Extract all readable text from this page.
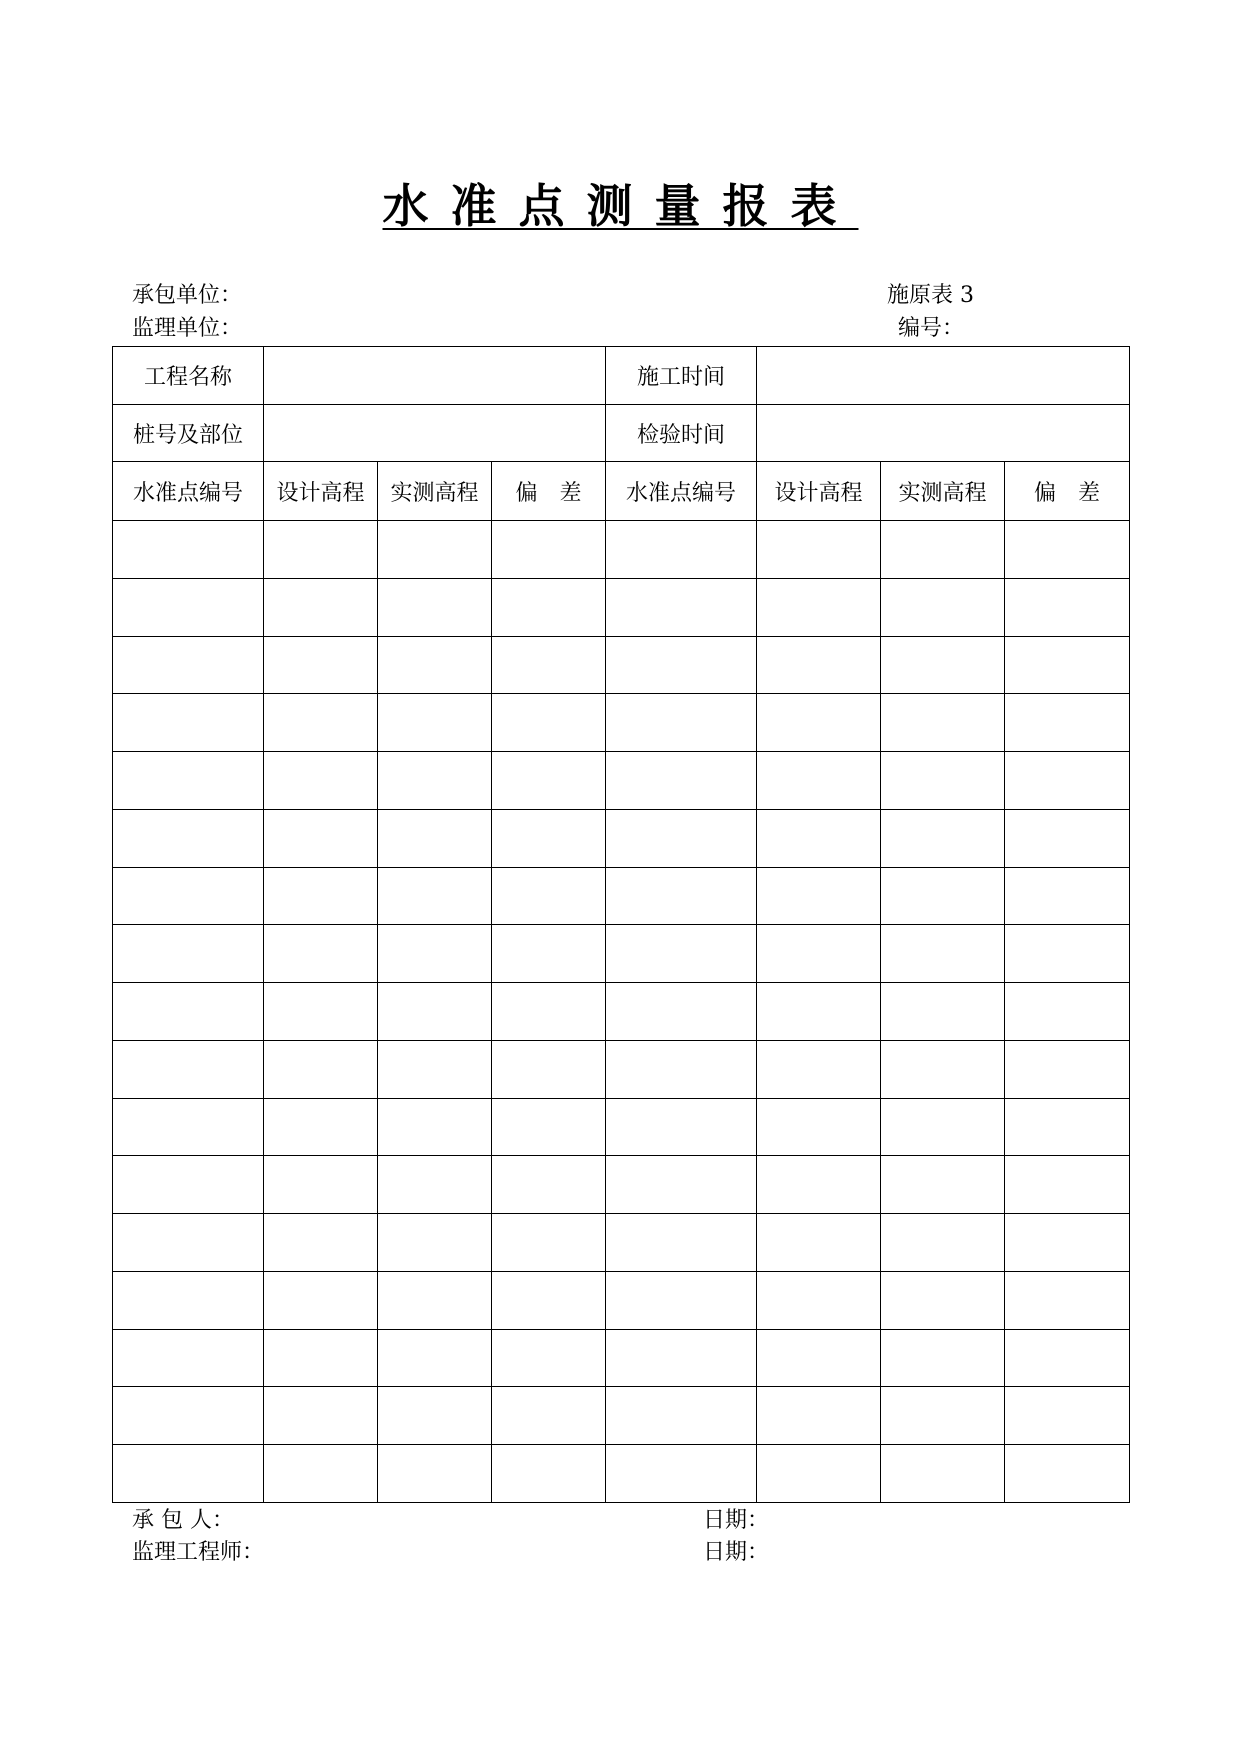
水准点测量报表
承包单位：
监理单位：
施原表 3
编号：
工程名称				施工时间			
桩号及部位				检验时间			
水准点编号	设计高程	实测高程	偏　差	水准点编号	设计高程	实测高程	偏　差

承 包 人：
监理工程师：
日期：
日期：
